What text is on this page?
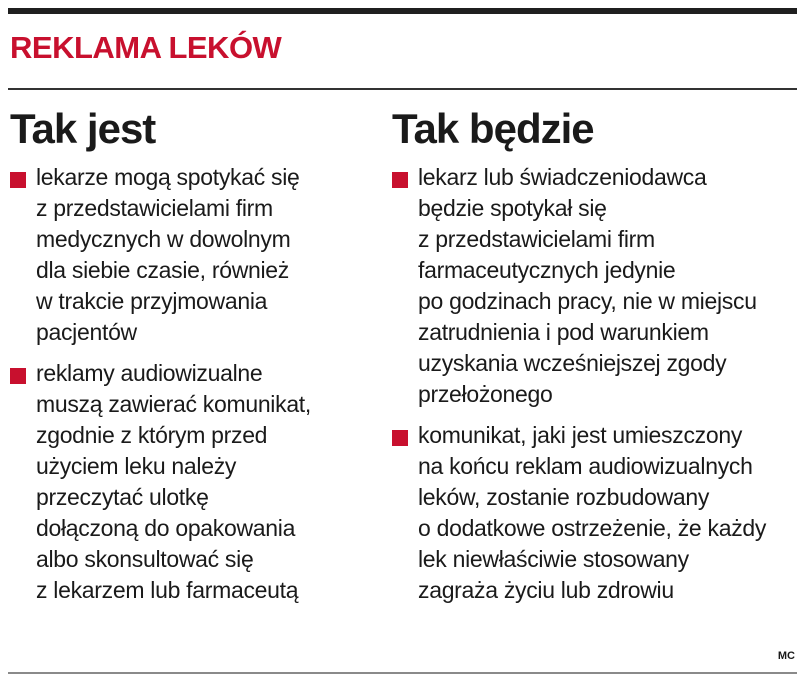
REKLAMA LEKÓW
Tak jest
lekarze mogą spotykać się
z przedstawicielami firm
medycznych w dowolnym
dla siebie czasie, również
w trakcie przyjmowania
pacjentów
reklamy audiowizualne
muszą zawierać komunikat,
zgodnie z którym przed
użyciem leku należy
przeczytać ulotkę
dołączoną do opakowania
albo skonsultować się
z lekarzem lub farmaceutą
Tak będzie
lekarz lub świadczeniodawca
będzie spotykał się
z przedstawicielami firm
farmaceutycznych jedynie
po godzinach pracy, nie w miejscu
zatrudnienia i pod warunkiem
uzyskania wcześniejszej zgody
przełożonego
komunikat, jaki jest umieszczony
na końcu reklam audiowizualnych
leków, zostanie rozbudowany
o dodatkowe ostrzeżenie, że każdy
lek niewłaściwie stosowany
zagraża życiu lub zdrowiu
MC
